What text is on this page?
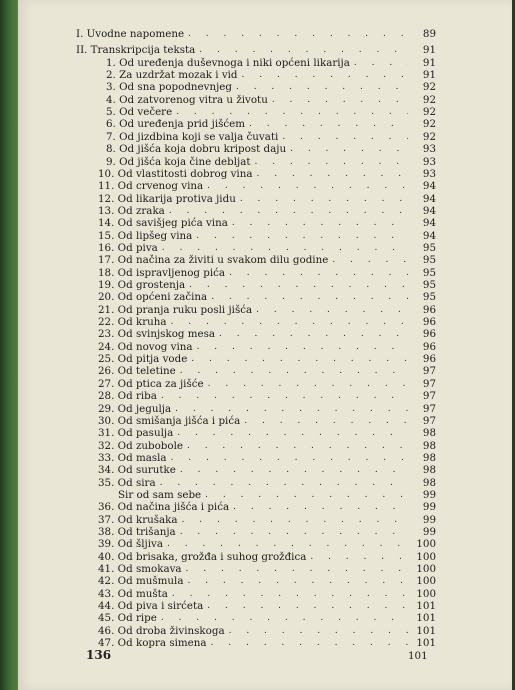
I. Uvodne napomene . . .	89
II. Transkripcija teksta . . .	91
1. Od uređenja duševnoga i niki općeni likarija . . .	91
2. Za uzdržat mozak i vid . . .	91
3. Od sna popodnevnjeg . . .	92
4. Od zatvorenog vitra u životu . . .	92
5. Od večere . . .	92
6. Od uređenja prid jišćem . . .	92
7. Od jizdbina koji se valja čuvati . . .	92
8. Od jišća koja dobru kripost daju . . .	93
9. Od jišća koja čine debljat . . .	93
10. Od vlastitosti dobrog vina . . .	93
11. Od crvenog vina . . .	94
12. Od likarija protiva jidu . . .	94
13. Od zraka . . .	94
14. Od savišjeg pića vina . . .	94
15. Od lipšeg vina . . .	94
16. Od piva . . .	95
17. Od načina za živiti u svakom dilu godine . . .	95
18. Od ispravljenog pića . . .	95
19. Od grostenja . . .	95
20. Od općeni začina . . .	95
21. Od pranja ruku posli jišća . . .	96
22. Od kruha . . .	96
23. Od svinjskog mesa . . .	96
24. Od novog vina . . .	96
25. Od pitja vode . . .	96
26. Od teletine . . .	97
27. Od ptica za jišće . . .	97
28. Od riba . . .	97
29. Od jegulja . . .	97
30. Od smišanja jišća i pića . . .	97
31. Od pasulja . . .	98
32. Od zubobole . . .	98
33. Od masla . . .	98
34. Od surutke . . .	98
35. Od sira . . .	98
Sir od sam sebe . . .	99
36. Od načina jišća i pića . . .	99
37. Od krušaka . . .	99
38. Od trišanja . . .	99
39. Od šljiva . . .	100
40. Od brisaka, grožđa i suhog grožđica . . .	100
41. Od smokava . . .	100
42. Od mušmula . . .	100
43. Od mušta . . .	100
44. Od piva i sirćeta . . .	101
45. Od ripe . . .	101
46. Od droba živinskoga . . .	101
47. Od kopra simena . . .	101
101
136
